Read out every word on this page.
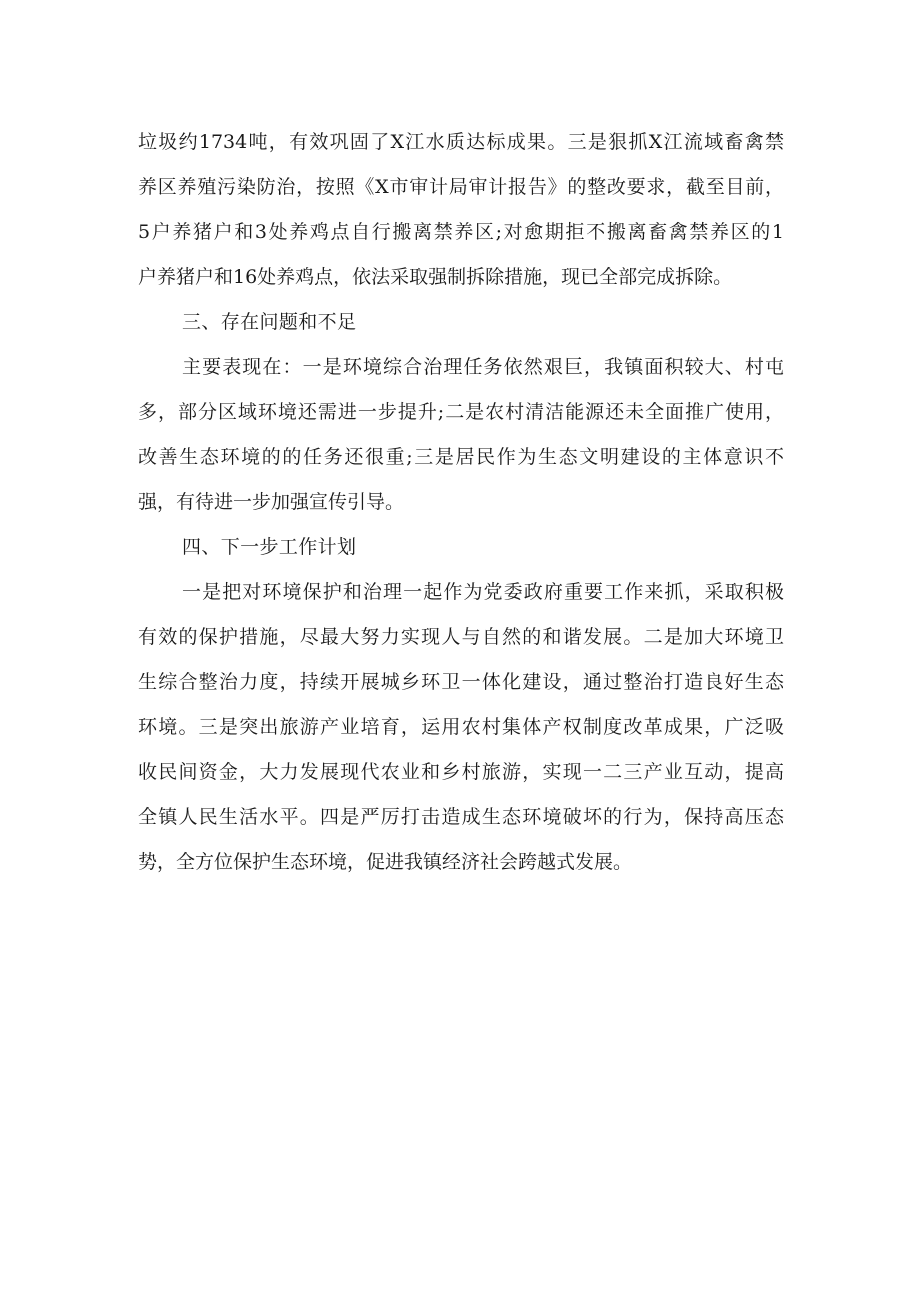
垃圾约1734吨，有效巩固了X江水质达标成果。三是狠抓X江流域畜禽禁
养区养殖污染防治，按照《X市审计局审计报告》的整改要求，截至目前，
5户养猪户和3处养鸡点自行搬离禁养区;对愈期拒不搬离畜禽禁养区的1
户养猪户和16处养鸡点，依法采取强制拆除措施，现已全部完成拆除。
三、存在问题和不足
主要表现在：一是环境综合治理任务依然艰巨，我镇面积较大、村屯
多，部分区域环境还需进一步提升;二是农村清洁能源还未全面推广使用，
改善生态环境的的任务还很重;三是居民作为生态文明建设的主体意识不
强，有待进一步加强宣传引导。
四、下一步工作计划
一是把对环境保护和治理一起作为党委政府重要工作来抓，采取积极
有效的保护措施，尽最大努力实现人与自然的和谐发展。二是加大环境卫
生综合整治力度，持续开展城乡环卫一体化建设，通过整治打造良好生态
环境。三是突出旅游产业培育，运用农村集体产权制度改革成果，广泛吸
收民间资金，大力发展现代农业和乡村旅游，实现一二三产业互动，提高
全镇人民生活水平。四是严厉打击造成生态环境破坏的行为，保持高压态
势，全方位保护生态环境，促进我镇经济社会跨越式发展。
